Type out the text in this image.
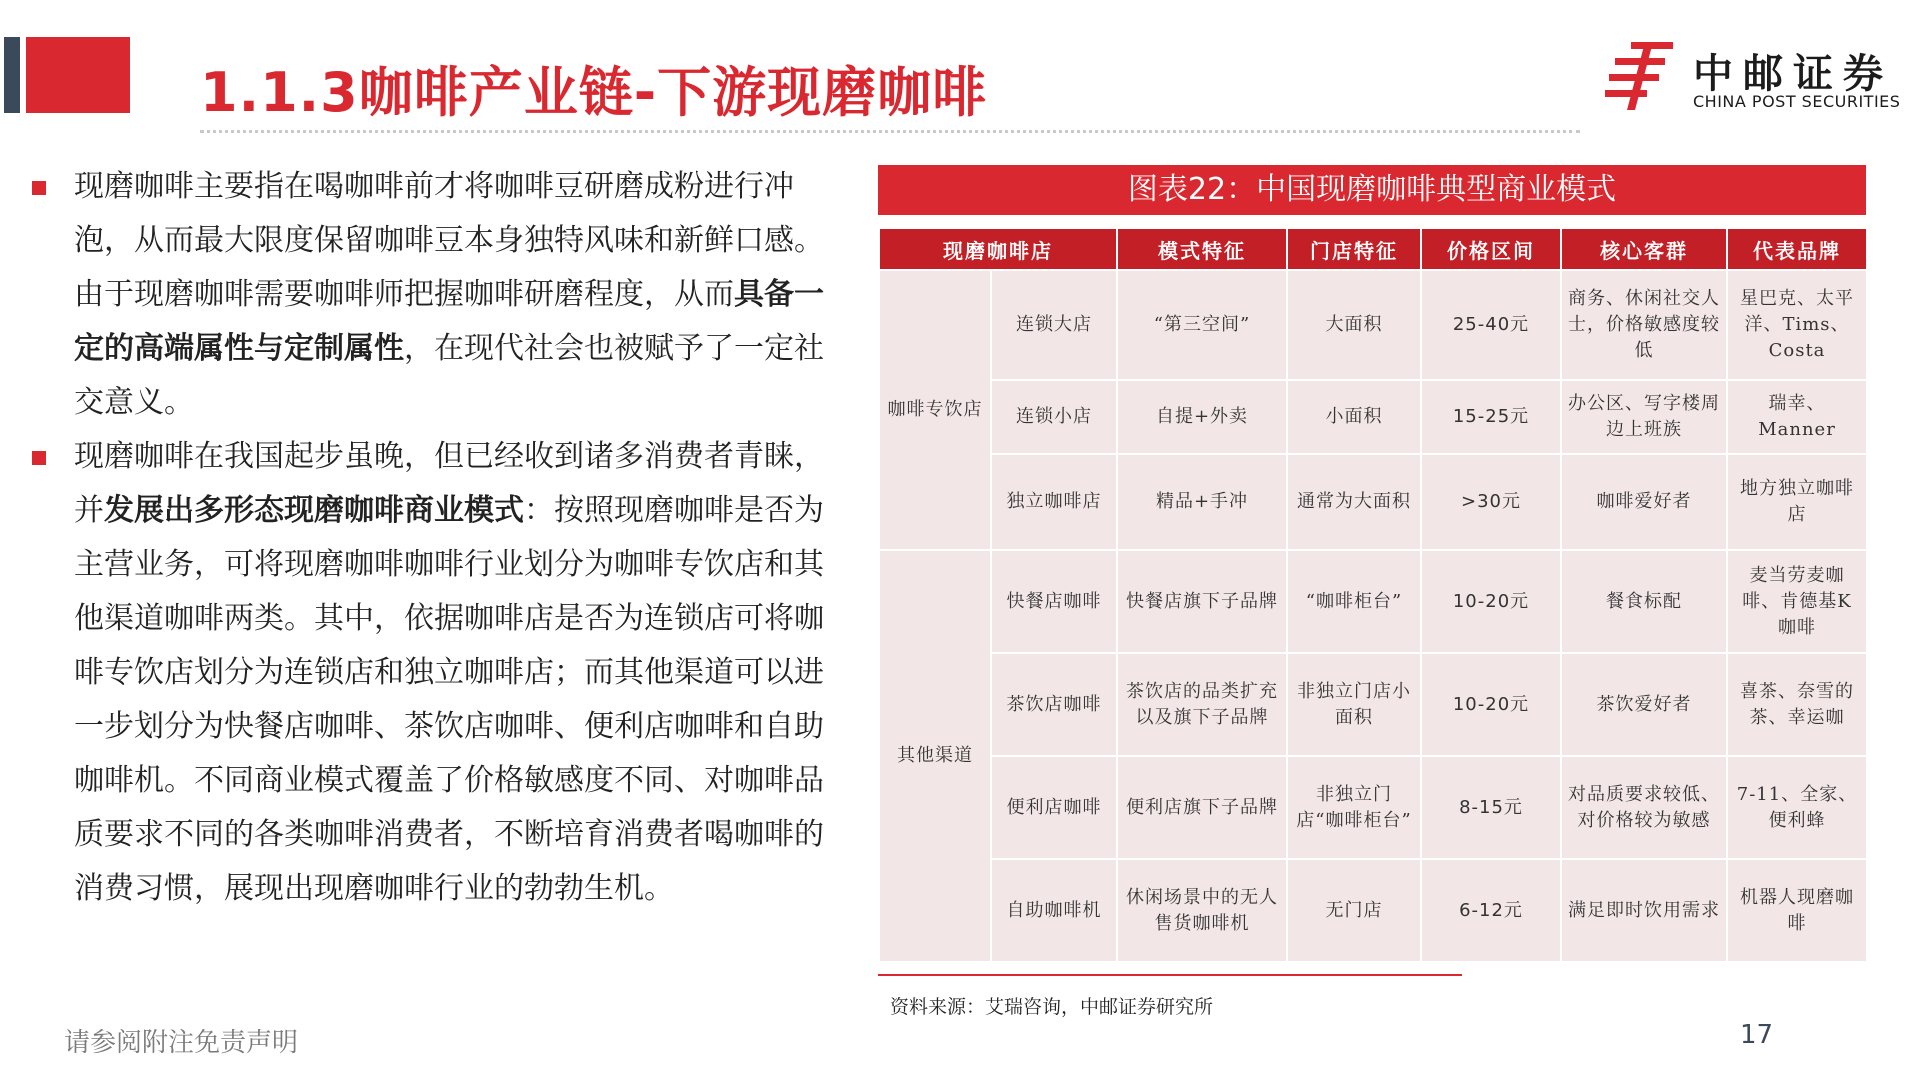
1.1.3咖啡产业链-下游现磨咖啡	中邮证券
CHINA POST SECURITIES

现磨咖啡主要指在喝咖啡前才将咖啡豆研磨成粉进行冲泡，从而最大限度保留咖啡豆本身独特风味和新鲜口感。由于现磨咖啡需要咖啡师把握咖啡研磨程度，从而具备一定的高端属性与定制属性，在现代社会也被赋予了一定社交意义。

现磨咖啡在我国起步虽晚，但已经收到诸多消费者青睐，并发展出多形态现磨咖啡商业模式：按照现磨咖啡是否为主营业务，可将现磨咖啡咖啡行业划分为咖啡专饮店和其他渠道咖啡两类。其中，依据咖啡店是否为连锁店可将咖啡专饮店划分为连锁店和独立咖啡店；而其他渠道可以进一步划分为快餐店咖啡、茶饮店咖啡、便利店咖啡和自助咖啡机。不同商业模式覆盖了价格敏感度不同、对咖啡品质要求不同的各类咖啡消费者，不断培育消费者喝咖啡的消费习惯，展现出现磨咖啡行业的勃勃生机。

图表22：中国现磨咖啡典型商业模式
现磨咖啡店		模式特征	门店特征	价格区间	核心客群	代表品牌
咖啡专饮店	连锁大店	“第三空间”	大面积	25-40元	商务、休闲社交人士，价格敏感度较低	星巴克、太平洋、Tims、Costa
	连锁小店	自提+外卖	小面积	15-25元	办公区、写字楼周边上班族	瑞幸、Manner
	独立咖啡店	精品+手冲	通常为大面积	>30元	咖啡爱好者	地方独立咖啡店
其他渠道	快餐店咖啡	快餐店旗下子品牌	“咖啡柜台”	10-20元	餐食标配	麦当劳麦咖啡、肯德基K咖啡
	茶饮店咖啡	茶饮店的品类扩充以及旗下子品牌	非独立门店小面积	10-20元	茶饮爱好者	喜茶、奈雪的茶、幸运咖
	便利店咖啡	便利店旗下子品牌	非独立门店“咖啡柜台”	8-15元	对品质要求较低、对价格较为敏感	7-11、全家、便利蜂
	自助咖啡机	休闲场景中的无人售货咖啡机	无门店	6-12元	满足即时饮用需求	机器人现磨咖啡
资料来源：艾瑞咨询，中邮证券研究所
请参阅附注免责声明	17
